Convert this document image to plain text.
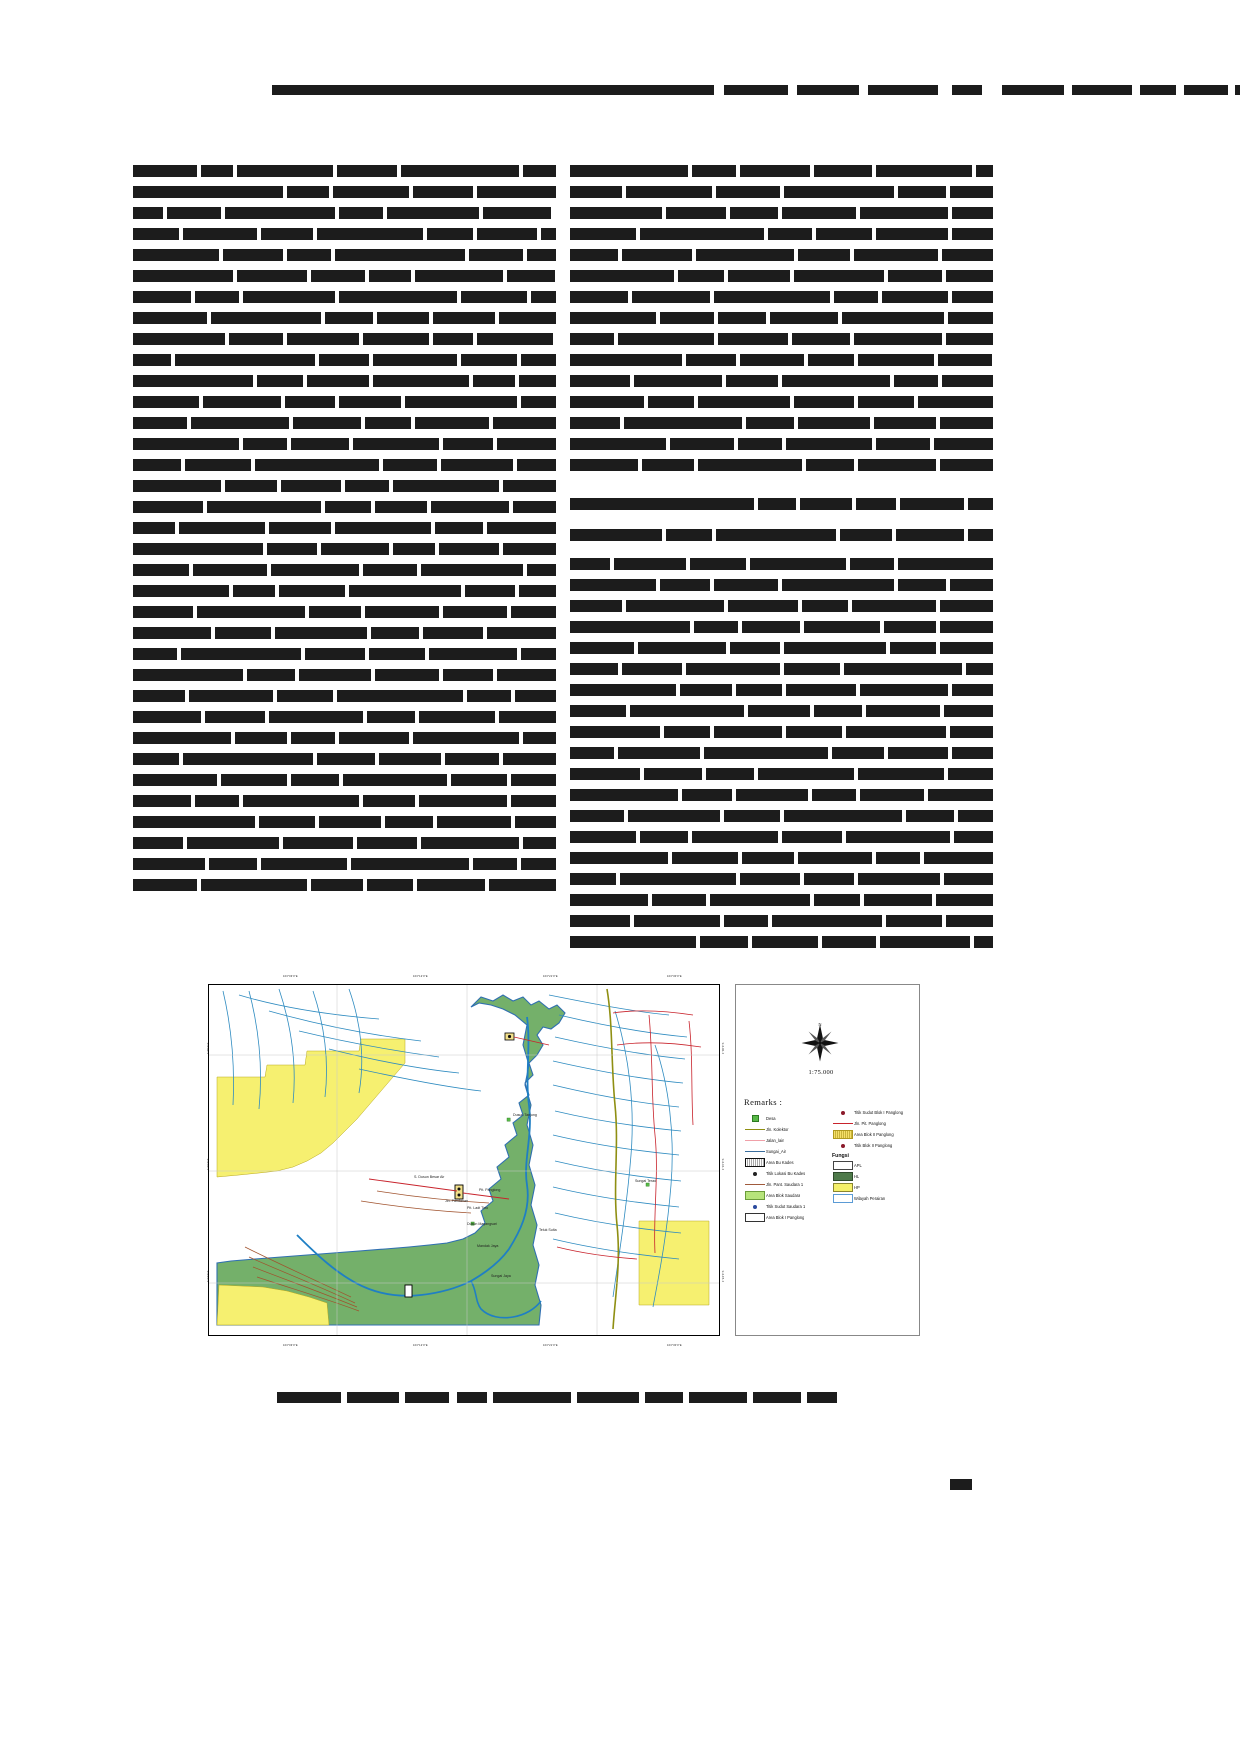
103°03'0"E	103°12'0"E	103°21'0"E	103°30'0"E
103°03'0"E	103°12'0"E	103°21'0"E	103°30'0"E
1°06'0"S
1°15'0"S
1°24'0"S
Dusun Tanjung
S. Dusun Besar Air
Pit. Panglong
Jln. Pandanan
Pit. Ladt Tirto
Dusun Mayangsari
Sungai Terad
Teluk Sulta
Mandak Jaya
Sungai Jaya
N
1:75.000
Remarks :
Desa
Jln. Kolektor
Jalan_lain
Sungai_Air
Area Bu Kades
Titik Lokasi Bu Kades
Jln. Pant. Saudara 1
Area Blok Saudara
Titik Sudut Saudara 1
Area Blok I Panglong
Titik Sudut Blok I Panglong
Jln. Pit. Panglong
Area Blok II Panglong
Titik Blok II Panglong
Fungsi
APL
HL
HP
Wilayah Perairan
